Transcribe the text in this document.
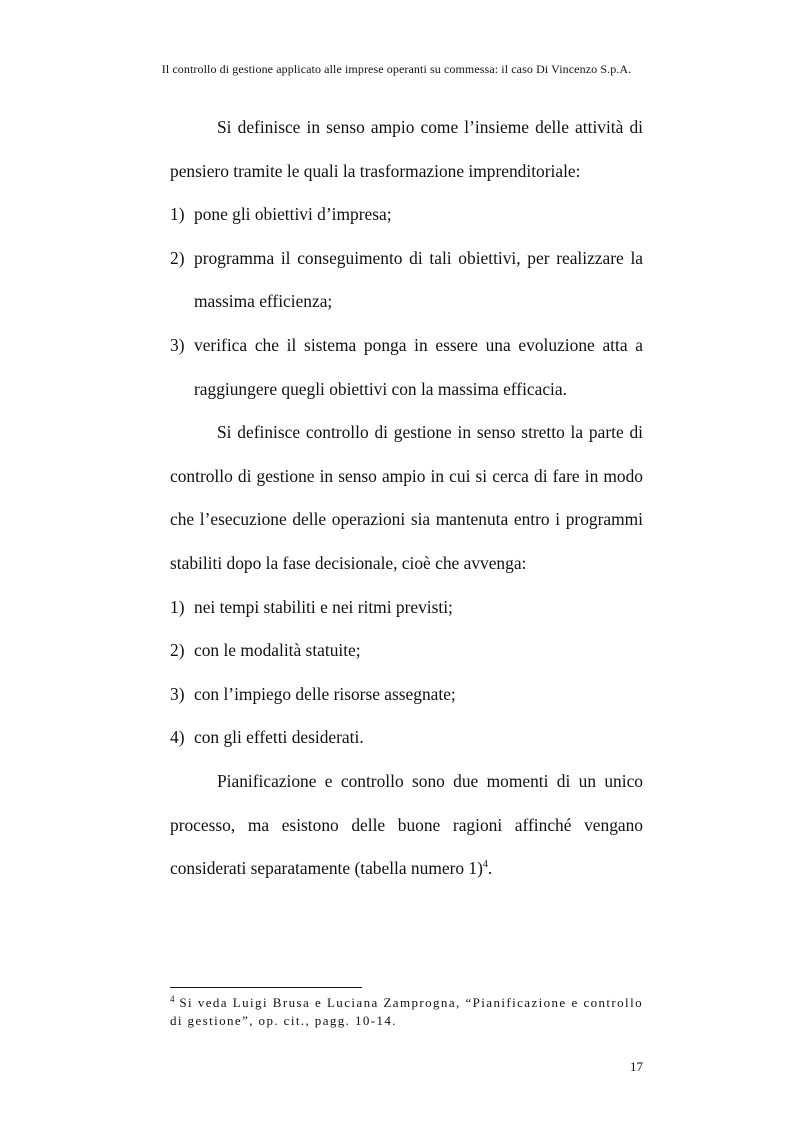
Il controllo di gestione applicato alle imprese operanti su commessa: il caso Di Vincenzo S.p.A.

Si definisce in senso ampio come l’insieme delle attività di pensiero tramite le quali la trasformazione imprenditoriale:

1) pone gli obiettivi d’impresa;
2) programma il conseguimento di tali obiettivi, per realizzare la massima efficienza;
3) verifica che il sistema ponga in essere una evoluzione atta a raggiungere quegli obiettivi con la massima efficacia.

Si definisce controllo di gestione in senso stretto la parte di controllo di gestione in senso ampio in cui si cerca di fare in modo che l’esecuzione delle operazioni sia mantenuta entro i programmi stabiliti dopo la fase decisionale, cioè che avvenga:

1) nei tempi stabiliti e nei ritmi previsti;
2) con le modalità statuite;
3) con l’impiego delle risorse assegnate;
4) con gli effetti desiderati.

Pianificazione e controllo sono due momenti di un unico processo, ma esistono delle buone ragioni affinché vengano considerati separatamente (tabella numero 1)$^4$.

$^4$ Si veda Luigi Brusa e Luciana Zamprogna, “Pianificazione e controllo di gestione”, op. cit., pagg. 10-14.
17
